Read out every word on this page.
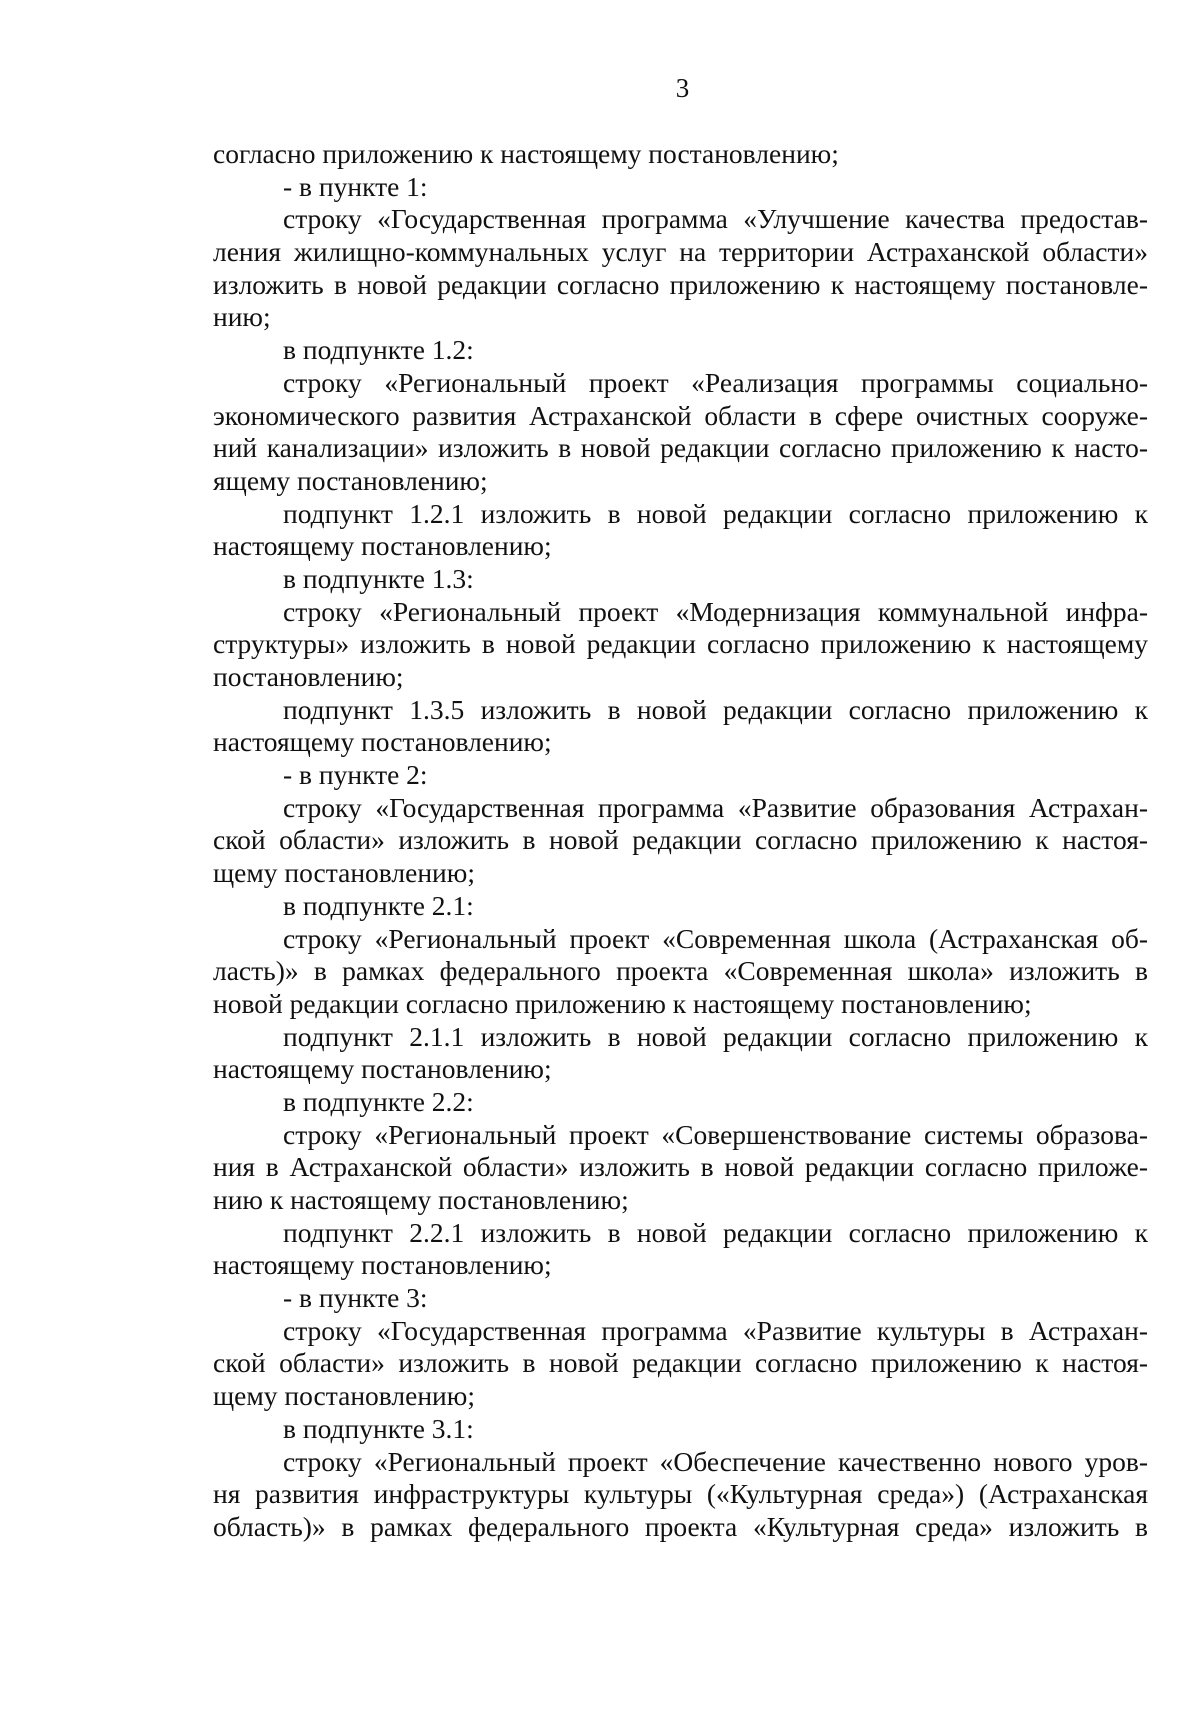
3
согласно приложению к настоящему постановлению;
- в пункте 1:
строку «Государственная программа «Улучшение качества предостав-
ления жилищно-коммунальных услуг на территории Астраханской области»
изложить в новой редакции согласно приложению к настоящему постановле-
нию;
в подпункте 1.2:
строку «Региональный проект «Реализация программы социально-
экономического развития Астраханской области в сфере очистных сооруже-
ний канализации» изложить в новой редакции согласно приложению к насто-
ящему постановлению;
подпункт 1.2.1 изложить в новой редакции согласно приложению к
настоящему постановлению;
в подпункте 1.3:
строку «Региональный проект «Модернизация коммунальной инфра-
структуры» изложить в новой редакции согласно приложению к настоящему
постановлению;
подпункт 1.3.5 изложить в новой редакции согласно приложению к
настоящему постановлению;
- в пункте 2:
строку «Государственная программа «Развитие образования Астрахан-
ской области» изложить в новой редакции согласно приложению к настоя-
щему постановлению;
в подпункте 2.1:
строку «Региональный проект «Современная школа (Астраханская об-
ласть)» в рамках федерального проекта «Современная школа» изложить в
новой редакции согласно приложению к настоящему постановлению;
подпункт 2.1.1 изложить в новой редакции согласно приложению к
настоящему постановлению;
в подпункте 2.2:
строку «Региональный проект «Совершенствование системы образова-
ния в Астраханской области» изложить в новой редакции согласно приложе-
нию к настоящему постановлению;
подпункт 2.2.1 изложить в новой редакции согласно приложению к
настоящему постановлению;
- в пункте 3:
строку «Государственная программа «Развитие культуры в Астрахан-
ской области» изложить в новой редакции согласно приложению к настоя-
щему постановлению;
в подпункте 3.1:
строку «Региональный проект «Обеспечение качественно нового уров-
ня развития инфраструктуры культуры («Культурная среда») (Астраханская
область)» в рамках федерального проекта «Культурная среда» изложить в
